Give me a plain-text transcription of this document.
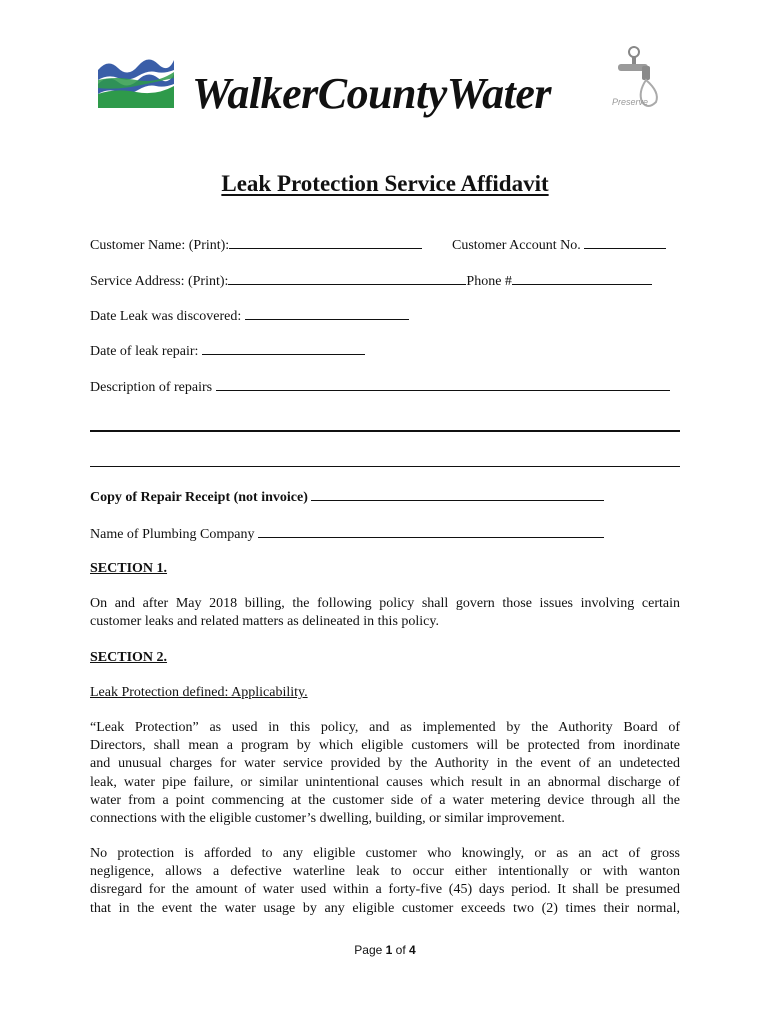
WalkerCountyWater	Preserve
Leak Protection Service Affidavit
Customer Name: (Print):	Customer Account No.
Service Address: (Print):	Phone #
Date Leak was discovered:
Date of leak repair:
Description of repairs
Copy of Repair Receipt (not invoice)
Name of Plumbing Company
SECTION 1.
On and after May 2018 billing, the following policy shall govern those issues involving certain
customer leaks and related matters as delineated in this policy.
SECTION 2.
Leak Protection defined: Applicability.
“Leak Protection” as used in this policy, and as implemented by the Authority Board of
Directors, shall mean a program by which eligible customers will be protected from inordinate
and unusual charges for water service provided by the Authority in the event of an undetected
leak, water pipe failure, or similar unintentional causes which result in an abnormal discharge of
water from a point commencing at the customer side of a water metering device through all the
connections with the eligible customer’s dwelling, building, or similar improvement.
No protection is afforded to any eligible customer who knowingly, or as an act of gross
negligence, allows a defective waterline leak to occur either intentionally or with wanton
disregard for the amount of water used within a forty-five (45) days period. It shall be presumed
that in the event the water usage by any eligible customer exceeds two (2) times their normal,
Page 1 of 4
